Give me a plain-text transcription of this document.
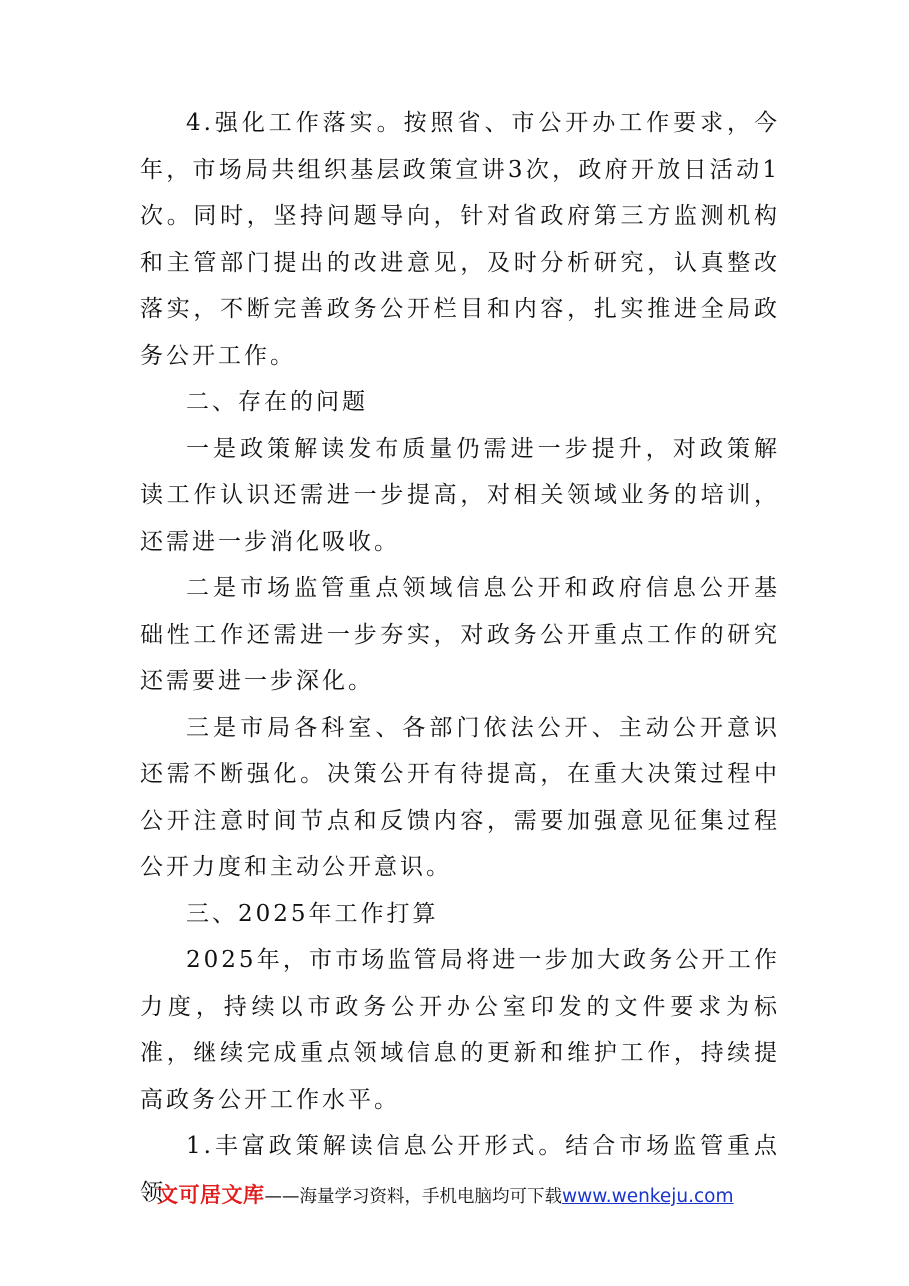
4.强化工作落实。按照省、市公开办工作要求，今年，市场局共组织基层政策宣讲3次，政府开放日活动1次。同时，坚持问题导向，针对省政府第三方监测机构和主管部门提出的改进意见，及时分析研究，认真整改落实，不断完善政务公开栏目和内容，扎实推进全局政务公开工作。

二、存在的问题

一是政策解读发布质量仍需进一步提升，对政策解读工作认识还需进一步提高，对相关领域业务的培训，还需进一步消化吸收。

二是市场监管重点领域信息公开和政府信息公开基础性工作还需进一步夯实，对政务公开重点工作的研究还需要进一步深化。

三是市局各科室、各部门依法公开、主动公开意识还需不断强化。决策公开有待提高，在重大决策过程中公开注意时间节点和反馈内容，需要加强意见征集过程公开力度和主动公开意识。

三、2025年工作打算

2025年，市市场监管局将进一步加大政务公开工作力度，持续以市政务公开办公室印发的文件要求为标准，继续完成重点领域信息的更新和维护工作，持续提高政务公开工作水平。

1.丰富政策解读信息公开形式。结合市场监管重点领

文可居文库——海量学习资料，手机电脑均可下载www.wenkeju.com
